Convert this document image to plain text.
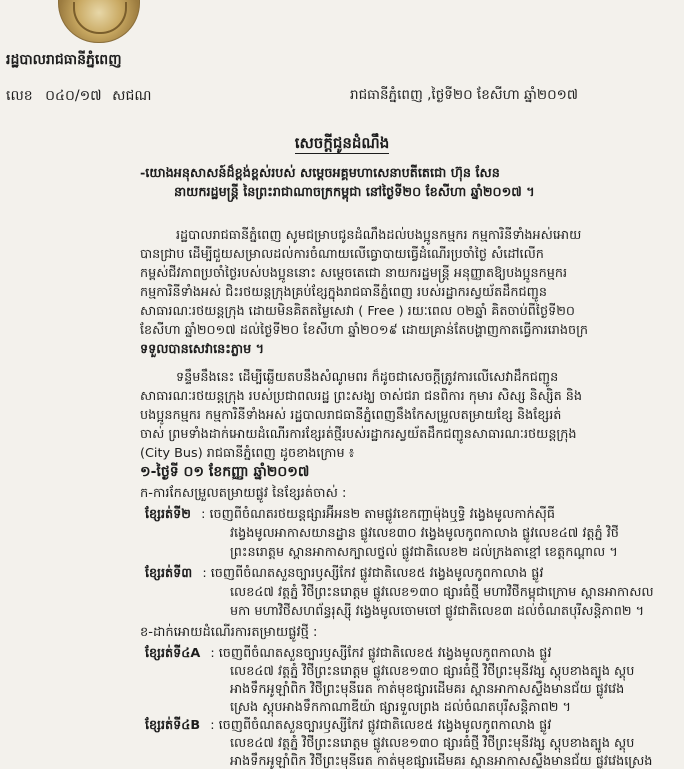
រដ្ឋបាលរាជធានីភ្នំពេញ
លេខ ០៤០/១៧ សជណ	រាជធានីភ្នំពេញ ,ថ្ងៃទី២០ ខែសីហា ឆ្នាំ២០១៧
សេចក្តីជូនដំណឹង
-យោងអនុសាសន៍ដ៏ខ្ពង់ខ្ពស់របស់ សម្តេចអគ្គមហាសេនាបតីតេជោ ហ៊ុន សែន
នាយករដ្ឋមន្ត្រី នៃព្រះរាជាណាចក្រកម្ពុជា នៅថ្ងៃទី២០ ខែសីហា ឆ្នាំ២០១៧ ។
រដ្ឋបាលរាជធានីភ្នំពេញ សូមជម្រាបជូនដំណឹងដល់បងប្អូនកម្មករ កម្មការិនីទាំងអស់អោយ
បានជ្រាប ដើម្បីជួយសម្រាលដល់ការចំណាយលើធ្វោបាយធ្វើដំណើរប្រចាំថ្ងៃ សំដៅលើក
កម្ពស់ជីវភាពប្រចាំថ្ងៃរបស់បងប្អូននោះ សម្តេចតេជោ នាយករដ្ឋមន្ត្រី អនុញ្ញាតឱ្យបងប្អូនកម្មករ
កម្មការិនីទាំងអស់ ជិះរថយន្តក្រុងគ្រប់ខ្សែក្នុងរាជធានីភ្នំពេញ របស់រដ្ឋាករស្វយ័តដឹកជញ្ជូន
សាធារណៈរថយន្តក្រុង ដោយមិនគិតតម្លៃសេវា ( Free ) រយៈពេល ០២ឆ្នាំ គិតចាប់ពីថ្ងៃទី២០
ខែសីហា ឆ្នាំ២០១៧ ដល់ថ្ងៃទី២០ ខែសីហា ឆ្នាំ២០១៩ ដោយគ្រាន់តែបង្ហាញកាតធ្វើការរោងចក្រ
ទទួលបានសេវានេះភ្លាម ។
ទន្ទឹមនឹងនេះ ដើម្បីឆ្លើយតបនឹងសំណូមពរ ក៏ដូចជាសេចក្តីត្រូវការលើសេវាដឹកជញ្ជូន
សាធារណៈរថយន្តក្រុង របស់ប្រជាពលរដ្ឋ ព្រះសង្ឃ ចាស់ជរា ជនពិការ កុមារ សិស្ស និស្សិត និង
បងប្អូនកម្មករ កម្មការិនីទាំងអស់ រដ្ឋបាលរាជធានីភ្នំពេញនឹងកែសម្រួលតម្រាយខ្សែ និងខ្សែរត់
ចាស់ ព្រមទាំងដាក់អោយដំណើរការខ្សែរត់ថ្មីរបស់រដ្ឋាករស្វយ័តដឹកជញ្ជូនសាធារណៈរថយន្តក្រុង
(City Bus) រាជធានីភ្នំពេញ ដូចខាងក្រោម ៖
១-ថ្ងៃទី ០១ ខែកញ្ញា ឆ្នាំ២០១៧
ក-ការកែសម្រួលតម្រាយផ្លូវ នៃខ្សែរត់ចាស់ :
ខ្សែរត់ទី២ : ចេញពីចំណតរថយន្តផ្សារអ៊ីអន២ តាមផ្លូវខេកញ្ជាម៉ុងឬទ្ធិ វង្វេងមូលកាក់ស៊ីធី
វង្វេងមូលអាកាសយានដ្ឋាន ផ្លូវលេខ៣០ វង្វេងមូលកូពកាលាង ផ្លូវលេខ៤៧ វត្តភ្នំ វិថី
ព្រះនរោត្តម ស្ពានអាកាសក្បាលថ្នល់ ផ្លូវជាតិលេខ២ ដល់ក្រងតាខ្មៅ ខេត្តកណ្តាល ។
ខ្សែរត់ទី៣ : ចេញពីចំណតសួនច្បារឫស្សីកែវ ផ្លូវជាតិលេខ៥ វង្វេងមូលកូពកាលាង ផ្លូវ
លេខ៤៧ វត្តភ្នំ វិថីព្រះនរោត្តម ផ្លូវលេខ១៣០ ផ្សារធំថ្មី មហាវិថីកម្ពុជាក្រោម ស្ពានអាកាសល
មកា មហាវិថីសហព័ន្ធរុស្ស៊ី វង្វេងមូលចោមចៅ ផ្លូវជាតិលេខ៣ ដល់ចំណតបុរីសន្តិភាព២ ។
ខ-ដាក់អោយដំណើរការតម្រាយផ្លូវថ្មី :
ខ្សែរត់ទី៤A : ចេញពីចំណតសួនច្បារឫស្សីកែវ ផ្លូវជាតិលេខ៥ វង្វេងមូលកូពកាលាង ផ្លូវ
លេខ៤៧ វត្តភ្នំ វិថីព្រះនរោត្តម ផ្លូវលេខ១៣០ ផ្សារធំថ្មី វិថីព្រះមុនីវង្ស ស្តុបខាងត្បូង ស្តុប
អាងទឹកអូឡាំពិក វិថីព្រះមុនីរេត កាត់មុខផ្សារដើមគរ ស្ពានអាកាសស្ទឹងមានជ័យ ផ្លូវវេង
ស្រេង ស្តុបអាងទឹកកាណាឌីយ៉ា ផ្សារទួលព្រង ដល់ចំណតបុរីសន្តិភាព២ ។
ខ្សែរត់ទី៤B : ចេញពីចំណតសួនច្បារឫស្សីកែវ ផ្លូវជាតិលេខ៥ វង្វេងមូលកូពកាលាង ផ្លូវ
លេខ៤៧ វត្តភ្នំ វិថីព្រះនរោត្តម ផ្លូវលេខ១៣០ ផ្សារធំថ្មី វិថីព្រះមុនីវង្ស ស្តុបខាងត្បូង ស្តុប
អាងទឹកអូឡាំពិក វិថីព្រះមុនីរេត កាត់មុខផ្សារដើមគរ ស្ពានអាកាសស្ទឹងមានជ័យ ផ្លូវវេងស្រេង
